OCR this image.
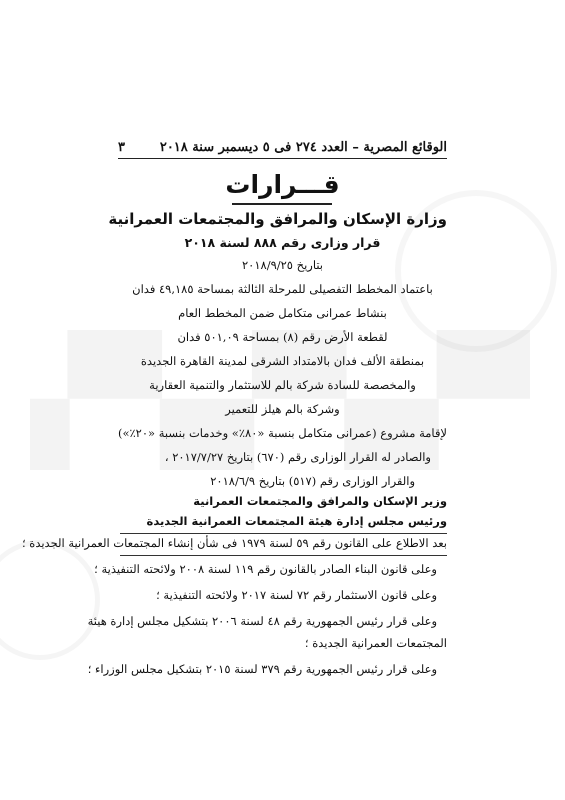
الوقائع المصرية – العدد ٢٧٤ فى ٥ ديسمبر سنة ٢٠١٨
٣
قـــرارات
وزارة الإسكان والمرافق والمجتمعات العمرانية
قرار وزارى رقم ٨٨٨ لسنة ٢٠١٨
بتاريخ ٢٠١٨/٩/٢٥
باعتماد المخطط التفصيلى للمرحلة الثالثة بمساحة ٤٩,١٨٥ فدان
بنشاط عمرانى متكامل ضمن المخطط العام
لقطعة الأرض رقم (٨) بمساحة ٥٠١,٠٩ فدان
بمنطقة الألف فدان بالامتداد الشرقى لمدينة القاهرة الجديدة
والمخصصة للسادة شركة بالم للاستثمار والتنمية العقارية
وشركة بالم هيلز للتعمير
لإقامة مشروع (عمرانى متكامل بنسبة «٨٠٪» وخدمات بنسبة «٢٠٪»)
والصادر له القرار الوزارى رقم (٦٧٠) بتاريخ ٢٠١٧/٧/٢٧ ،
والقرار الوزارى رقم (٥١٧) بتاريخ ٢٠١٨/٦/٩
وزير الإسكان والمرافق والمجتمعات العمرانية
ورئيس مجلس إدارة هيئة المجتمعات العمرانية الجديدة
بعد الاطلاع على القانون رقم ٥٩ لسنة ١٩٧٩ فى شأن إنشاء المجتمعات العمرانية الجديدة ؛
وعلى قانون البناء الصادر بالقانون رقم ١١٩ لسنة ٢٠٠٨ ولائحته التنفيذية ؛
وعلى قانون الاستثمار رقم ٧٢ لسنة ٢٠١٧ ولائحته التنفيذية ؛
وعلى قرار رئيس الجمهورية رقم ٤٨ لسنة ٢٠٠٦ بتشكيل مجلس إدارة هيئة
المجتمعات العمرانية الجديدة ؛
وعلى قرار رئيس الجمهورية رقم ٣٧٩ لسنة ٢٠١٥ بتشكيل مجلس الوزراء ؛
